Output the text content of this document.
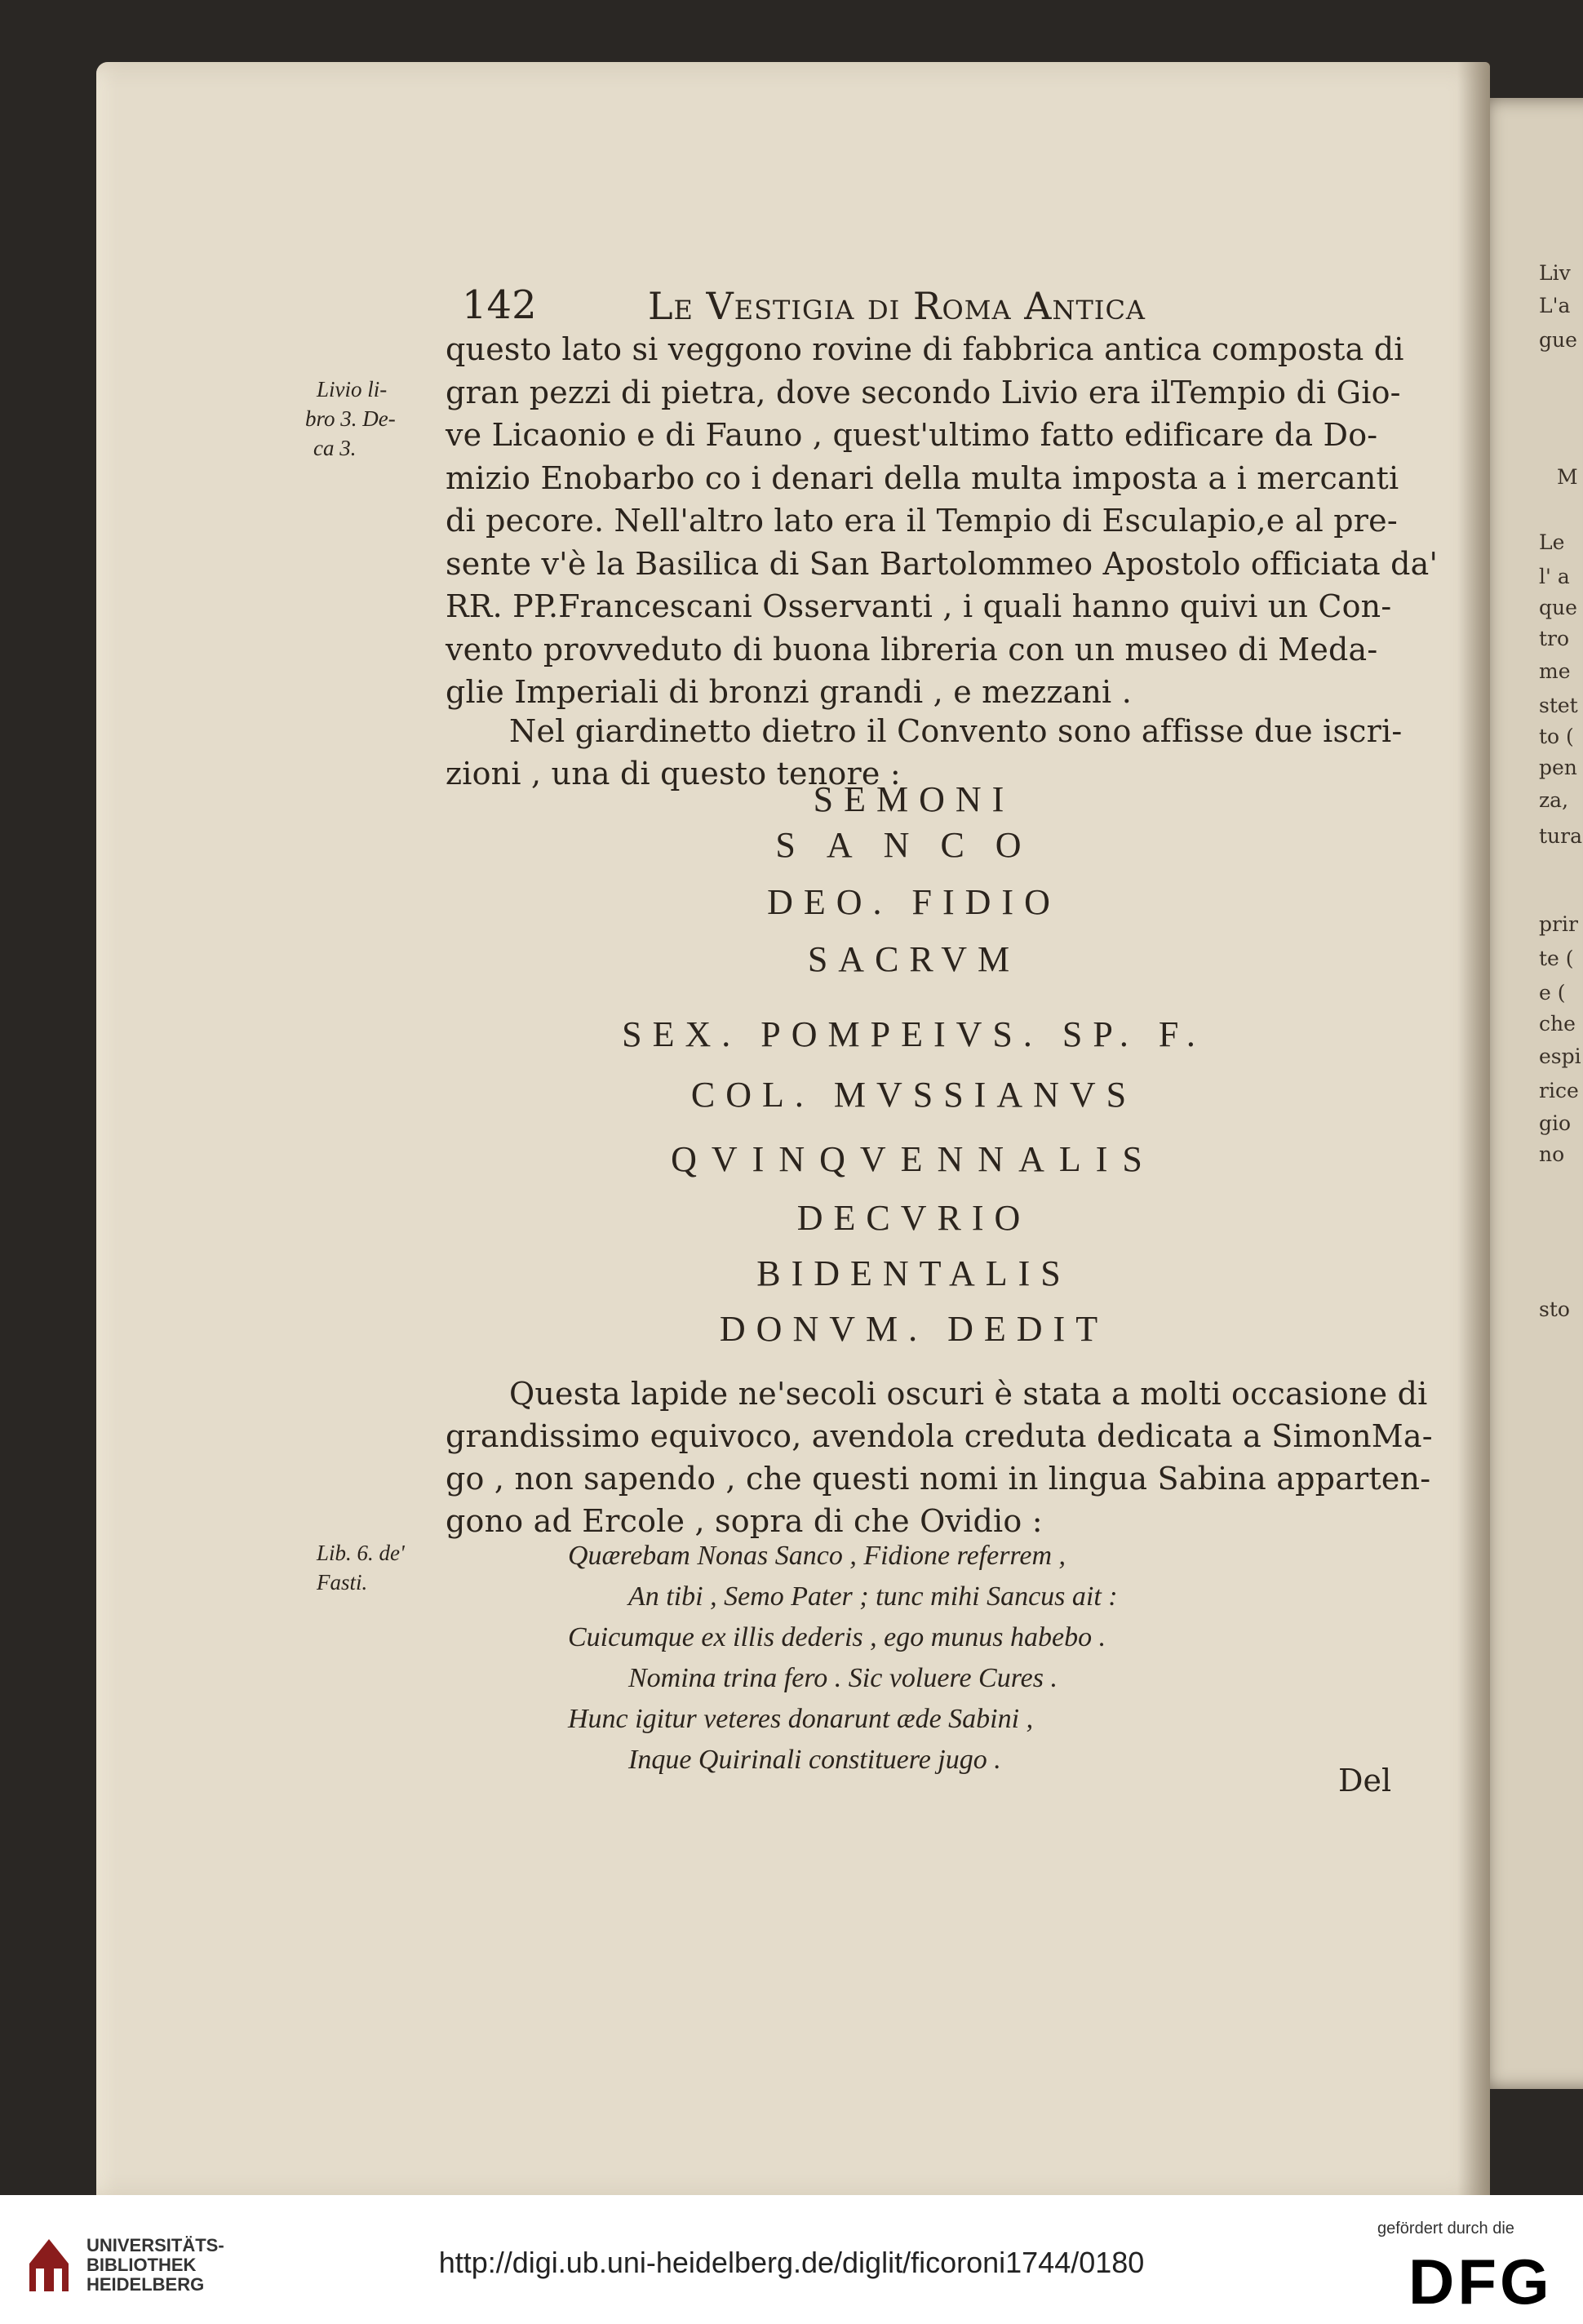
Liv
L'a
gue
M
Le
l' a
que
tro
me
stet
to (
pen
za,
tura
prir
te (
e (
che
espi
rice
gio
no
sto
142	Le Vestigia di Roma Antica
Livio li-
bro 3. De-
ca 3.
Lib. 6. de'
Fasti.
questo lato si veggono rovine di fabbrica antica composta di
gran pezzi di pietra, dove secondo Livio era ilTempio di Gio-
ve Licaonio e di Fauno , quest'ultimo fatto edificare da Do-
mizio Enobarbo co i denari della multa imposta a i mercanti
di pecore. Nell'altro lato era il Tempio di Esculapio,e al pre-
sente v'è la Basilica di San Bartolommeo Apostolo officiata da'
RR. PP.Francescani Osservanti , i quali hanno quivi un Con-
vento provveduto di buona libreria con un museo di Meda-
glie Imperiali di bronzi grandi , e mezzani .
Nel giardinetto dietro il Convento sono affisse due iscri-
zioni , una di questo tenore :
SEMONI
SANCO
DEO. FIDIO
SACRVM
SEX. POMPEIVS. SP. F.
COL. MVSSIANVS
QVINQVENNALIS
DECVRIO
BIDENTALIS
DONVM. DEDIT
Questa lapide ne'secoli oscuri è stata a molti occasione di
grandissimo equivoco, avendola creduta dedicata a SimonMa-
go , non sapendo , che questi nomi in lingua Sabina apparten-
gono ad Ercole , sopra di che Ovidio :
Quærebam Nonas Sanco , Fidione referrem ,
An tibi , Semo Pater ; tunc mihi Sancus ait :
Cuicumque ex illis dederis , ego munus habebo .
Nomina trina fero . Sic voluere Cures .
Hunc igitur veteres donarunt æde Sabini ,
Inque Quirinali constituere jugo .
Del
UNIVERSITÄTS-
BIBLIOTHEK
HEIDELBERG
http://digi.ub.uni-heidelberg.de/diglit/ficoroni1744/0180
gefördert durch die
DFG
